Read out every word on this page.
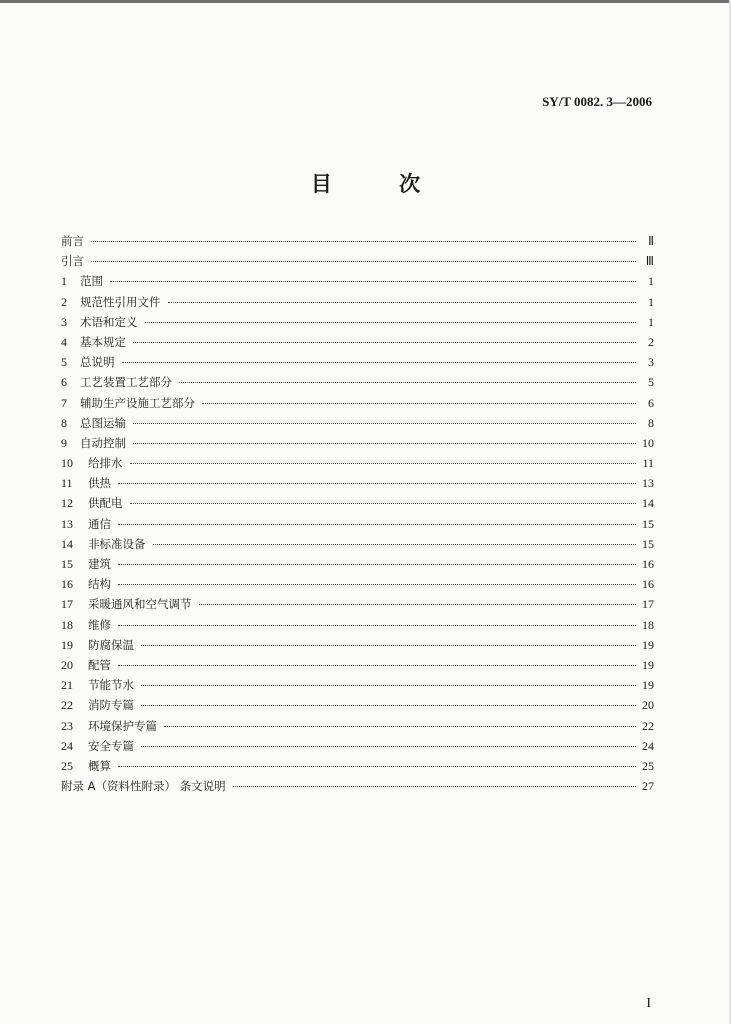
SY/T 0082. 3—2006
目 次
前言	Ⅱ
引言	Ⅲ
1	范围	1
2	规范性引用文件	1
3	术语和定义	1
4	基本规定	2
5	总说明	3
6	工艺装置工艺部分	5
7	辅助生产设施工艺部分	6
8	总图运输	8
9	自动控制	10
10	给排水	11
11	供热	13
12	供配电	14
13	通信	15
14	非标准设备	15
15	建筑	16
16	结构	16
17	采暖通风和空气调节	17
18	维修	18
19	防腐保温	19
20	配管	19
21	节能节水	19
22	消防专篇	20
23	环境保护专篇	22
24	安全专篇	24
25	概算	25
附录 A（资料性附录） 条文说明	27
I
